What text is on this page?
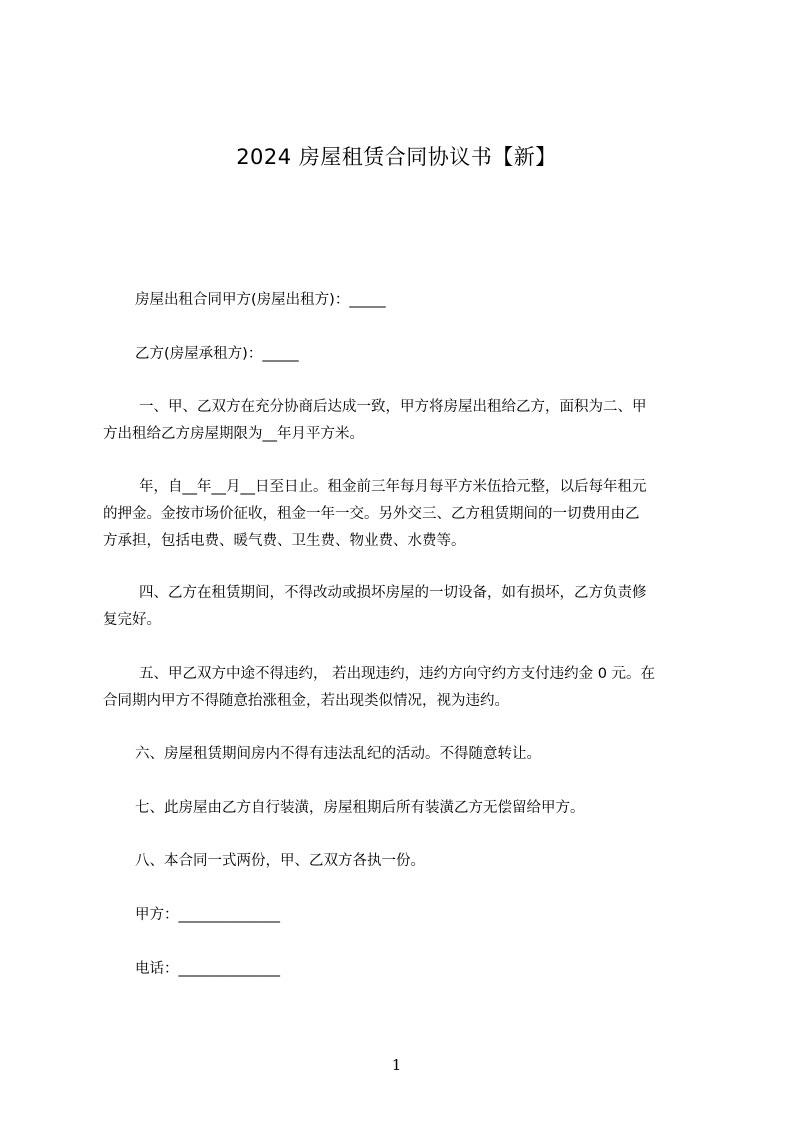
2024 房屋租赁合同协议书【新】
房屋出租合同甲方(房屋出租方)：_____
乙方(房屋承租方)：_____
一、甲、乙双方在充分协商后达成一致，甲方将房屋出租给乙方，面积为二、甲
方出租给乙方房屋期限为__年月平方米。
年，自__年__月__日至日止。租金前三年每月每平方米伍拾元整，以后每年租元
的押金。金按市场价征收，租金一年一交。另外交三、乙方租赁期间的一切费用由乙
方承担，包括电费、暖气费、卫生费、物业费、水费等。
四、乙方在租赁期间，不得改动或损坏房屋的一切设备，如有损坏，乙方负责修
复完好。
五、甲乙双方中途不得违约， 若出现违约，违约方向守约方支付违约金 0 元。在
合同期内甲方不得随意抬涨租金，若出现类似情况，视为违约。
六、房屋租赁期间房内不得有违法乱纪的活动。不得随意转让。
七、此房屋由乙方自行装潢，房屋租期后所有装潢乙方无偿留给甲方。
八、本合同一式两份，甲、乙双方各执一份。
甲方：______________
电话：______________
1
